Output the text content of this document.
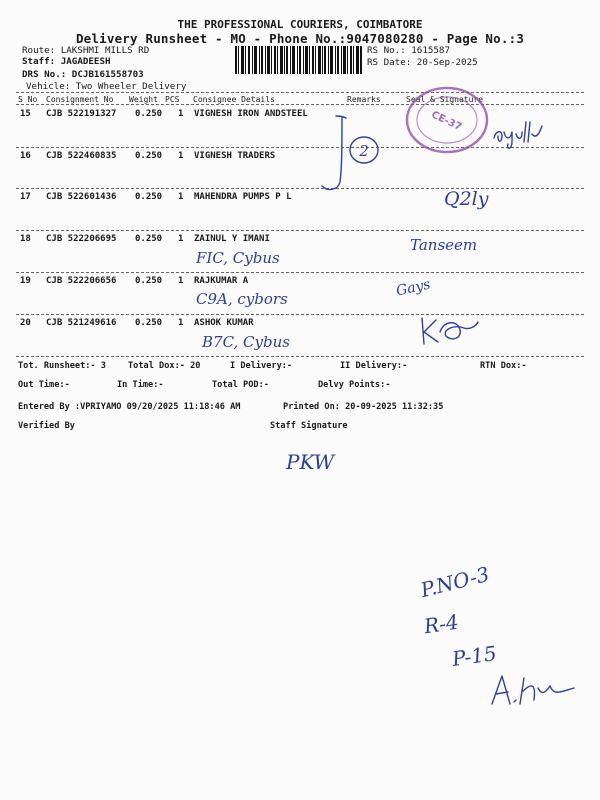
THE PROFESSIONAL COURIERS, COIMBATORE
Delivery Runsheet - MO - Phone No.:9047080280 - Page No.:3
Route: LAKSHMI MILLS RD
Staff: JAGADEESH
DRS No.: DCJB161558703
Vehicle: Two Wheeler Delivery
RS No.: 1615587
RS Date: 20-Sep-2025
S No Consignment No Weight PCS Consignee Details	Remarks	Seal & Signature
15 CJB 522191327 0.250 1 VIGNESH IRON ANDSTEEL
16 CJB 522460835 0.250 1 VIGNESH TRADERS
17 CJB 522601436 0.250 1 MAHENDRA PUMPS P L
18 CJB 522206695 0.250 1 ZAINUL Y IMANI
19 CJB 522206656 0.250 1 RAJKUMAR A
20 CJB 521249616 0.250 1 ASHOK KUMAR
Tot. Runsheet:- 3	Total Dox:- 20	I Delivery:-	II Delivery:-	RTN Dox:-
Out Time:-	In Time:-	Total POD:-	Delvy Points:-
Entered By :VPRIYAMO 09/20/2025 11:18:46 AM	Printed On: 20-09-2025 11:32:35
Verified By	Staff Signature
CE-37
2
Q2ly
Tanseem
Gays
FIC, Cybus
C9A, cybors
B7C, Cybus
PKW
P.NO-3
R-4
P-15
